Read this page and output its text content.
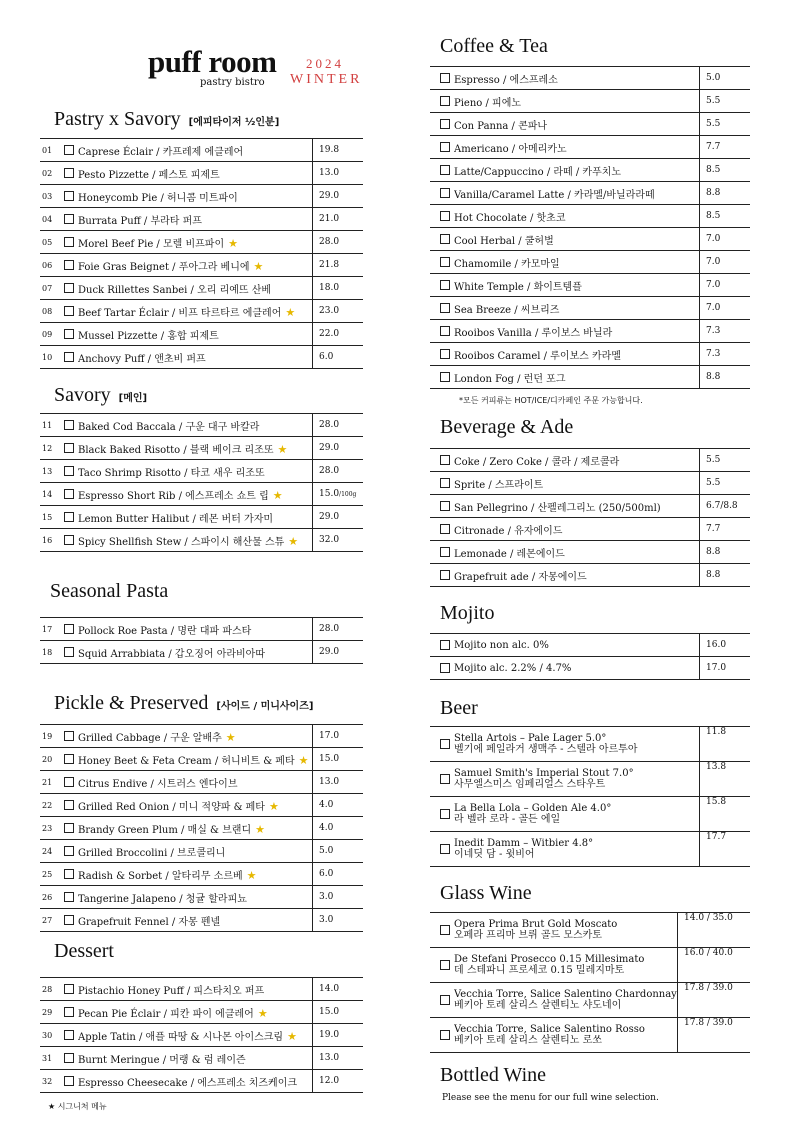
puff room
pastry bistro
2024
WINTER
Pastry x Savory [에피타이저 ½인분]
01		Caprese Éclair / 카프레제 에클레어	19.8
02		Pesto Pizzette / 페스토 피제트	13.0
03		Honeycomb Pie / 허니콤 미트파이	29.0
04		Burrata Puff / 부라타 퍼프	21.0
05		Morel Beef Pie / 모렐 비프파이 ★	28.0
06		Foie Gras Beignet / 푸아그라 베니에 ★	21.8
07		Duck Rillettes Sanbei / 오리 리예뜨 산베	18.0
08		Beef Tartar Éclair / 비프 타르타르 에클레어 ★	23.0
09		Mussel Pizzette / 홍합 피제트	22.0
10		Anchovy Puff / 앤초비 퍼프	6.0
Savory [메인]
11		Baked Cod Baccala / 구운 대구 바칼라	28.0
12		Black Baked Risotto / 블랙 베이크 리조또 ★	29.0
13		Taco Shrimp Risotto / 타코 새우 리조또	28.0
14		Espresso Short Rib / 에스프레소 쇼트 립 ★	15.0/100g
15		Lemon Butter Halibut / 레몬 버터 가자미	29.0
16		Spicy Shellfish Stew / 스파이시 해산물 스튜 ★	32.0
Seasonal Pasta
17		Pollock Roe Pasta / 명란 대파 파스타	28.0
18		Squid Arrabbiata / 갑오징어 아라비아따	29.0
Pickle & Preserved [사이드 / 미니사이즈]
19		Grilled Cabbage / 구운 알배추 ★	17.0
20		Honey Beet & Feta Cream / 허니비트 & 페타 ★	15.0
21		Citrus Endive / 시트러스 엔다이브	13.0
22		Grilled Red Onion / 미니 적양파 & 페타 ★	4.0
23		Brandy Green Plum / 매실 & 브랜디 ★	4.0
24		Grilled Broccolini / 브로콜리니	5.0
25		Radish & Sorbet / 알타리무 소르베 ★	6.0
26		Tangerine Jalapeno / 청귤 할라피뇨	3.0
27		Grapefruit Fennel / 자몽 펜넬	3.0
Dessert
28		Pistachio Honey Puff / 피스타치오 퍼프	14.0
29		Pecan Pie Éclair / 피칸 파이 에클레어 ★	15.0
30		Apple Tatin / 애플 따땅 & 시나몬 아이스크림 ★	19.0
31		Burnt Meringue / 머랭 & 럼 레이즌	13.0
32		Espresso Cheesecake / 에스프레소 치즈케이크	12.0
★ 시그니처 메뉴
Coffee & Tea
		Espresso / 에스프레소	5.0
		Pieno / 피에노	5.5
		Con Panna / 콘파나	5.5
		Americano / 아메리카노	7.7
		Latte/Cappuccino / 라떼 / 카푸치노	8.5
		Vanilla/Caramel Latte / 카라멜/바닐라라떼	8.8
		Hot Chocolate / 핫초코	8.5
		Cool Herbal / 쿨허벌	7.0
		Chamomile / 카모마일	7.0
		White Temple / 화이트템플	7.0
		Sea Breeze / 씨브리즈	7.0
		Rooibos Vanilla / 루이보스 바닐라	7.3
		Rooibos Caramel / 루이보스 카라멜	7.3
		London Fog / 런던 포그	8.8
*모든 커피류는 HOT/ICE/디카페인 주문 가능합니다.
Beverage & Ade
		Coke / Zero Coke / 콜라 / 제로콜라	5.5
		Sprite / 스프라이트	5.5
		San Pellegrino / 산펠레그리노 (250/500ml)	6.7/8.8
		Citronade / 유자에이드	7.7
		Lemonade / 레몬에이드	8.8
		Grapefruit ade / 자몽에이드	8.8
Mojito
		Mojito non alc. 0%	16.0
		Mojito alc. 2.2% / 4.7%	17.0
Beer

		Stella Artois – Pale Lager 5.0°
벨기에 페일라거 생맥주 - 스텔라 아르투아	11.8

		Samuel Smith's Imperial Stout 7.0°
사무엘스미스 임페리얼스 스타우트	13.8

		La Bella Lola – Golden Ale 4.0°
라 벨라 로라 - 골든 에일	15.8

		Inedit Damm – Witbier 4.8°
이네딧 담 - 윗비어	17.7
Glass Wine

		Opera Prima Brut Gold Moscato
오페라 프리마 브뤼 골드 모스카토	14.0 / 35.0

		De Stefani Prosecco 0.15 Millesimato
데 스테파니 프로세코 0.15 밀레지마토	16.0 / 40.0

		Vecchia Torre, Salice Salentino Chardonnay
베키아 토레 살리스 살렌티노 샤도네이	17.8 / 39.0

		Vecchia Torre, Salice Salentino Rosso
베키아 토레 살리스 살렌티노 로쏘	17.8 / 39.0
Bottled Wine
Please see the menu for our full wine selection.
